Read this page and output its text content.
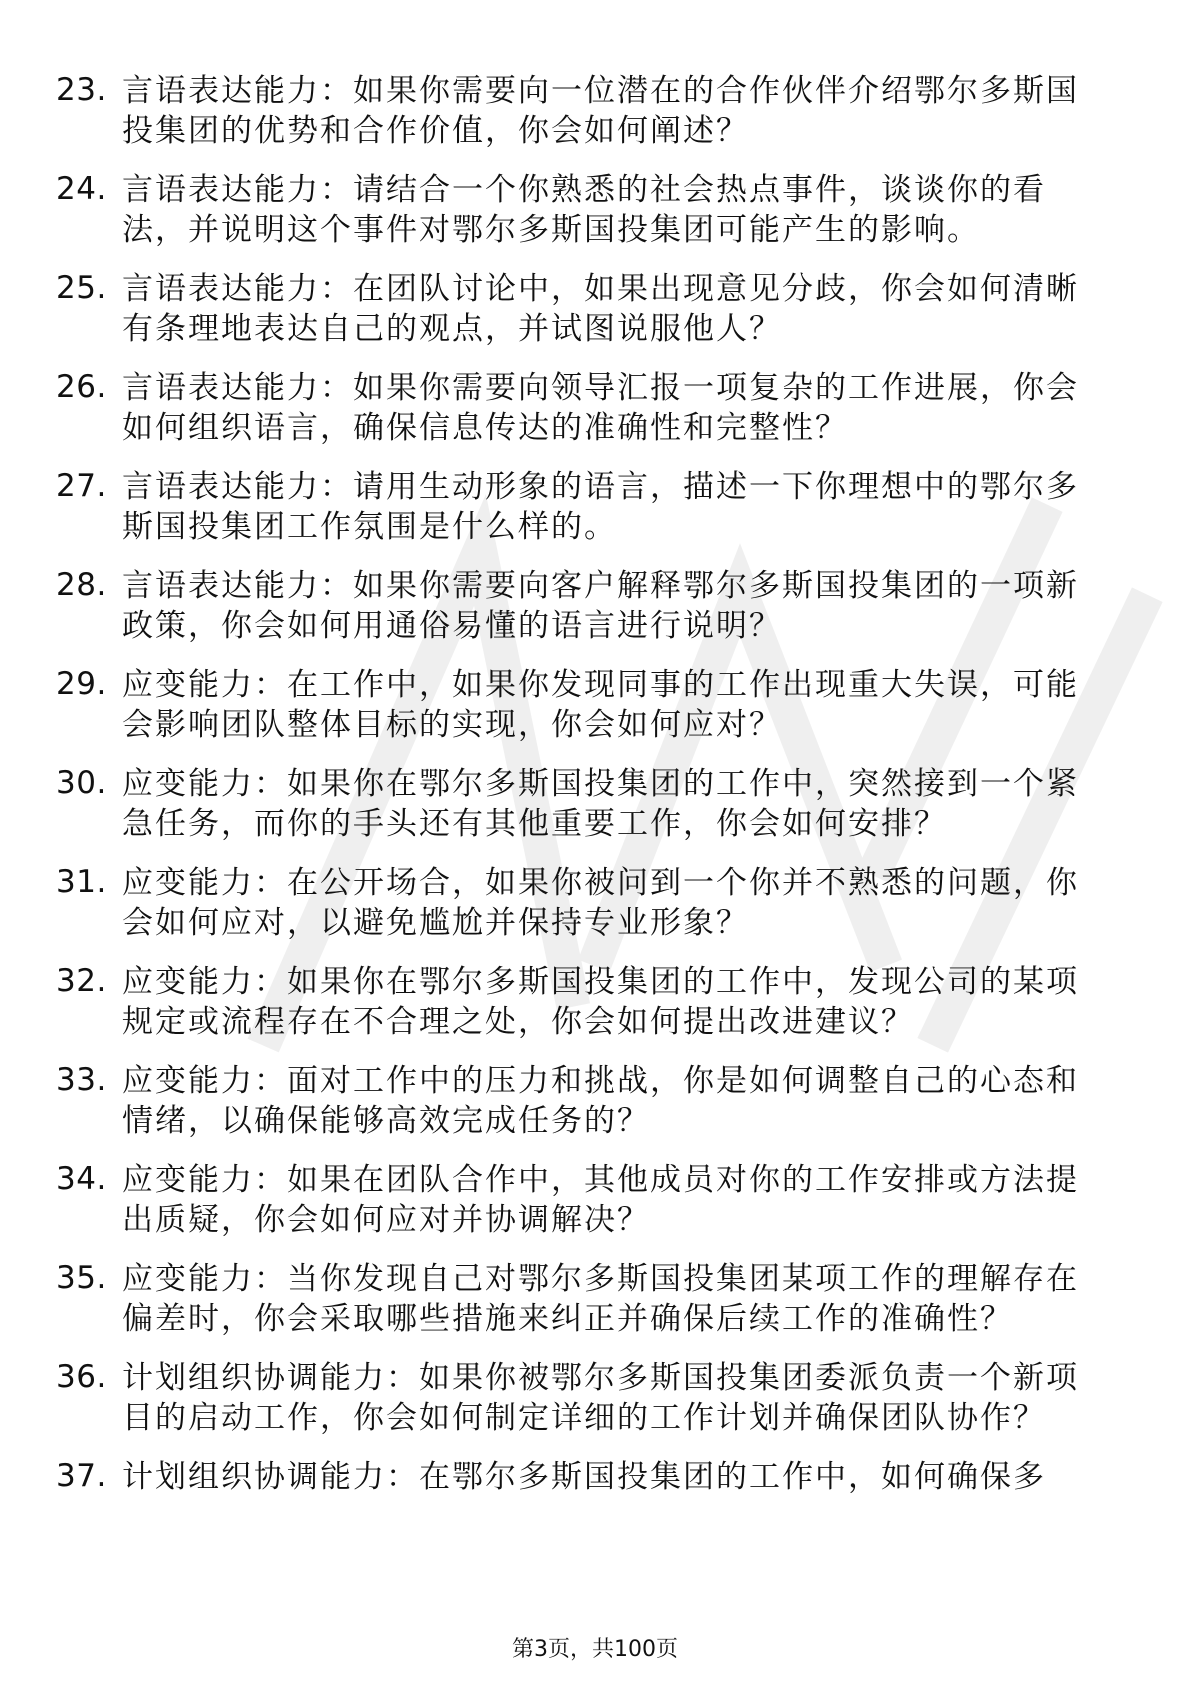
23. 言语表达能力：如果你需要向一位潜在的合作伙伴介绍鄂尔多斯国投集团的优势和合作价值，你会如何阐述？
24. 言语表达能力：请结合一个你熟悉的社会热点事件，谈谈你的看法，并说明这个事件对鄂尔多斯国投集团可能产生的影响。
25. 言语表达能力：在团队讨论中，如果出现意见分歧，你会如何清晰有条理地表达自己的观点，并试图说服他人？
26. 言语表达能力：如果你需要向领导汇报一项复杂的工作进展，你会如何组织语言，确保信息传达的准确性和完整性？
27. 言语表达能力：请用生动形象的语言，描述一下你理想中的鄂尔多斯国投集团工作氛围是什么样的。
28. 言语表达能力：如果你需要向客户解释鄂尔多斯国投集团的一项新政策，你会如何用通俗易懂的语言进行说明？
29. 应变能力：在工作中，如果你发现同事的工作出现重大失误，可能会影响团队整体目标的实现，你会如何应对？
30. 应变能力：如果你在鄂尔多斯国投集团的工作中，突然接到一个紧急任务，而你的手头还有其他重要工作，你会如何安排？
31. 应变能力：在公开场合，如果你被问到一个你并不熟悉的问题，你会如何应对，以避免尴尬并保持专业形象？
32. 应变能力：如果你在鄂尔多斯国投集团的工作中，发现公司的某项规定或流程存在不合理之处，你会如何提出改进建议？
33. 应变能力：面对工作中的压力和挑战，你是如何调整自己的心态和情绪，以确保能够高效完成任务的？
34. 应变能力：如果在团队合作中，其他成员对你的工作安排或方法提出质疑，你会如何应对并协调解决？
35. 应变能力：当你发现自己对鄂尔多斯国投集团某项工作的理解存在偏差时，你会采取哪些措施来纠正并确保后续工作的准确性？
36. 计划组织协调能力：如果你被鄂尔多斯国投集团委派负责一个新项目的启动工作，你会如何制定详细的工作计划并确保团队协作？
37. 计划组织协调能力：在鄂尔多斯国投集团的工作中，如何确保多
第3页，共100页
